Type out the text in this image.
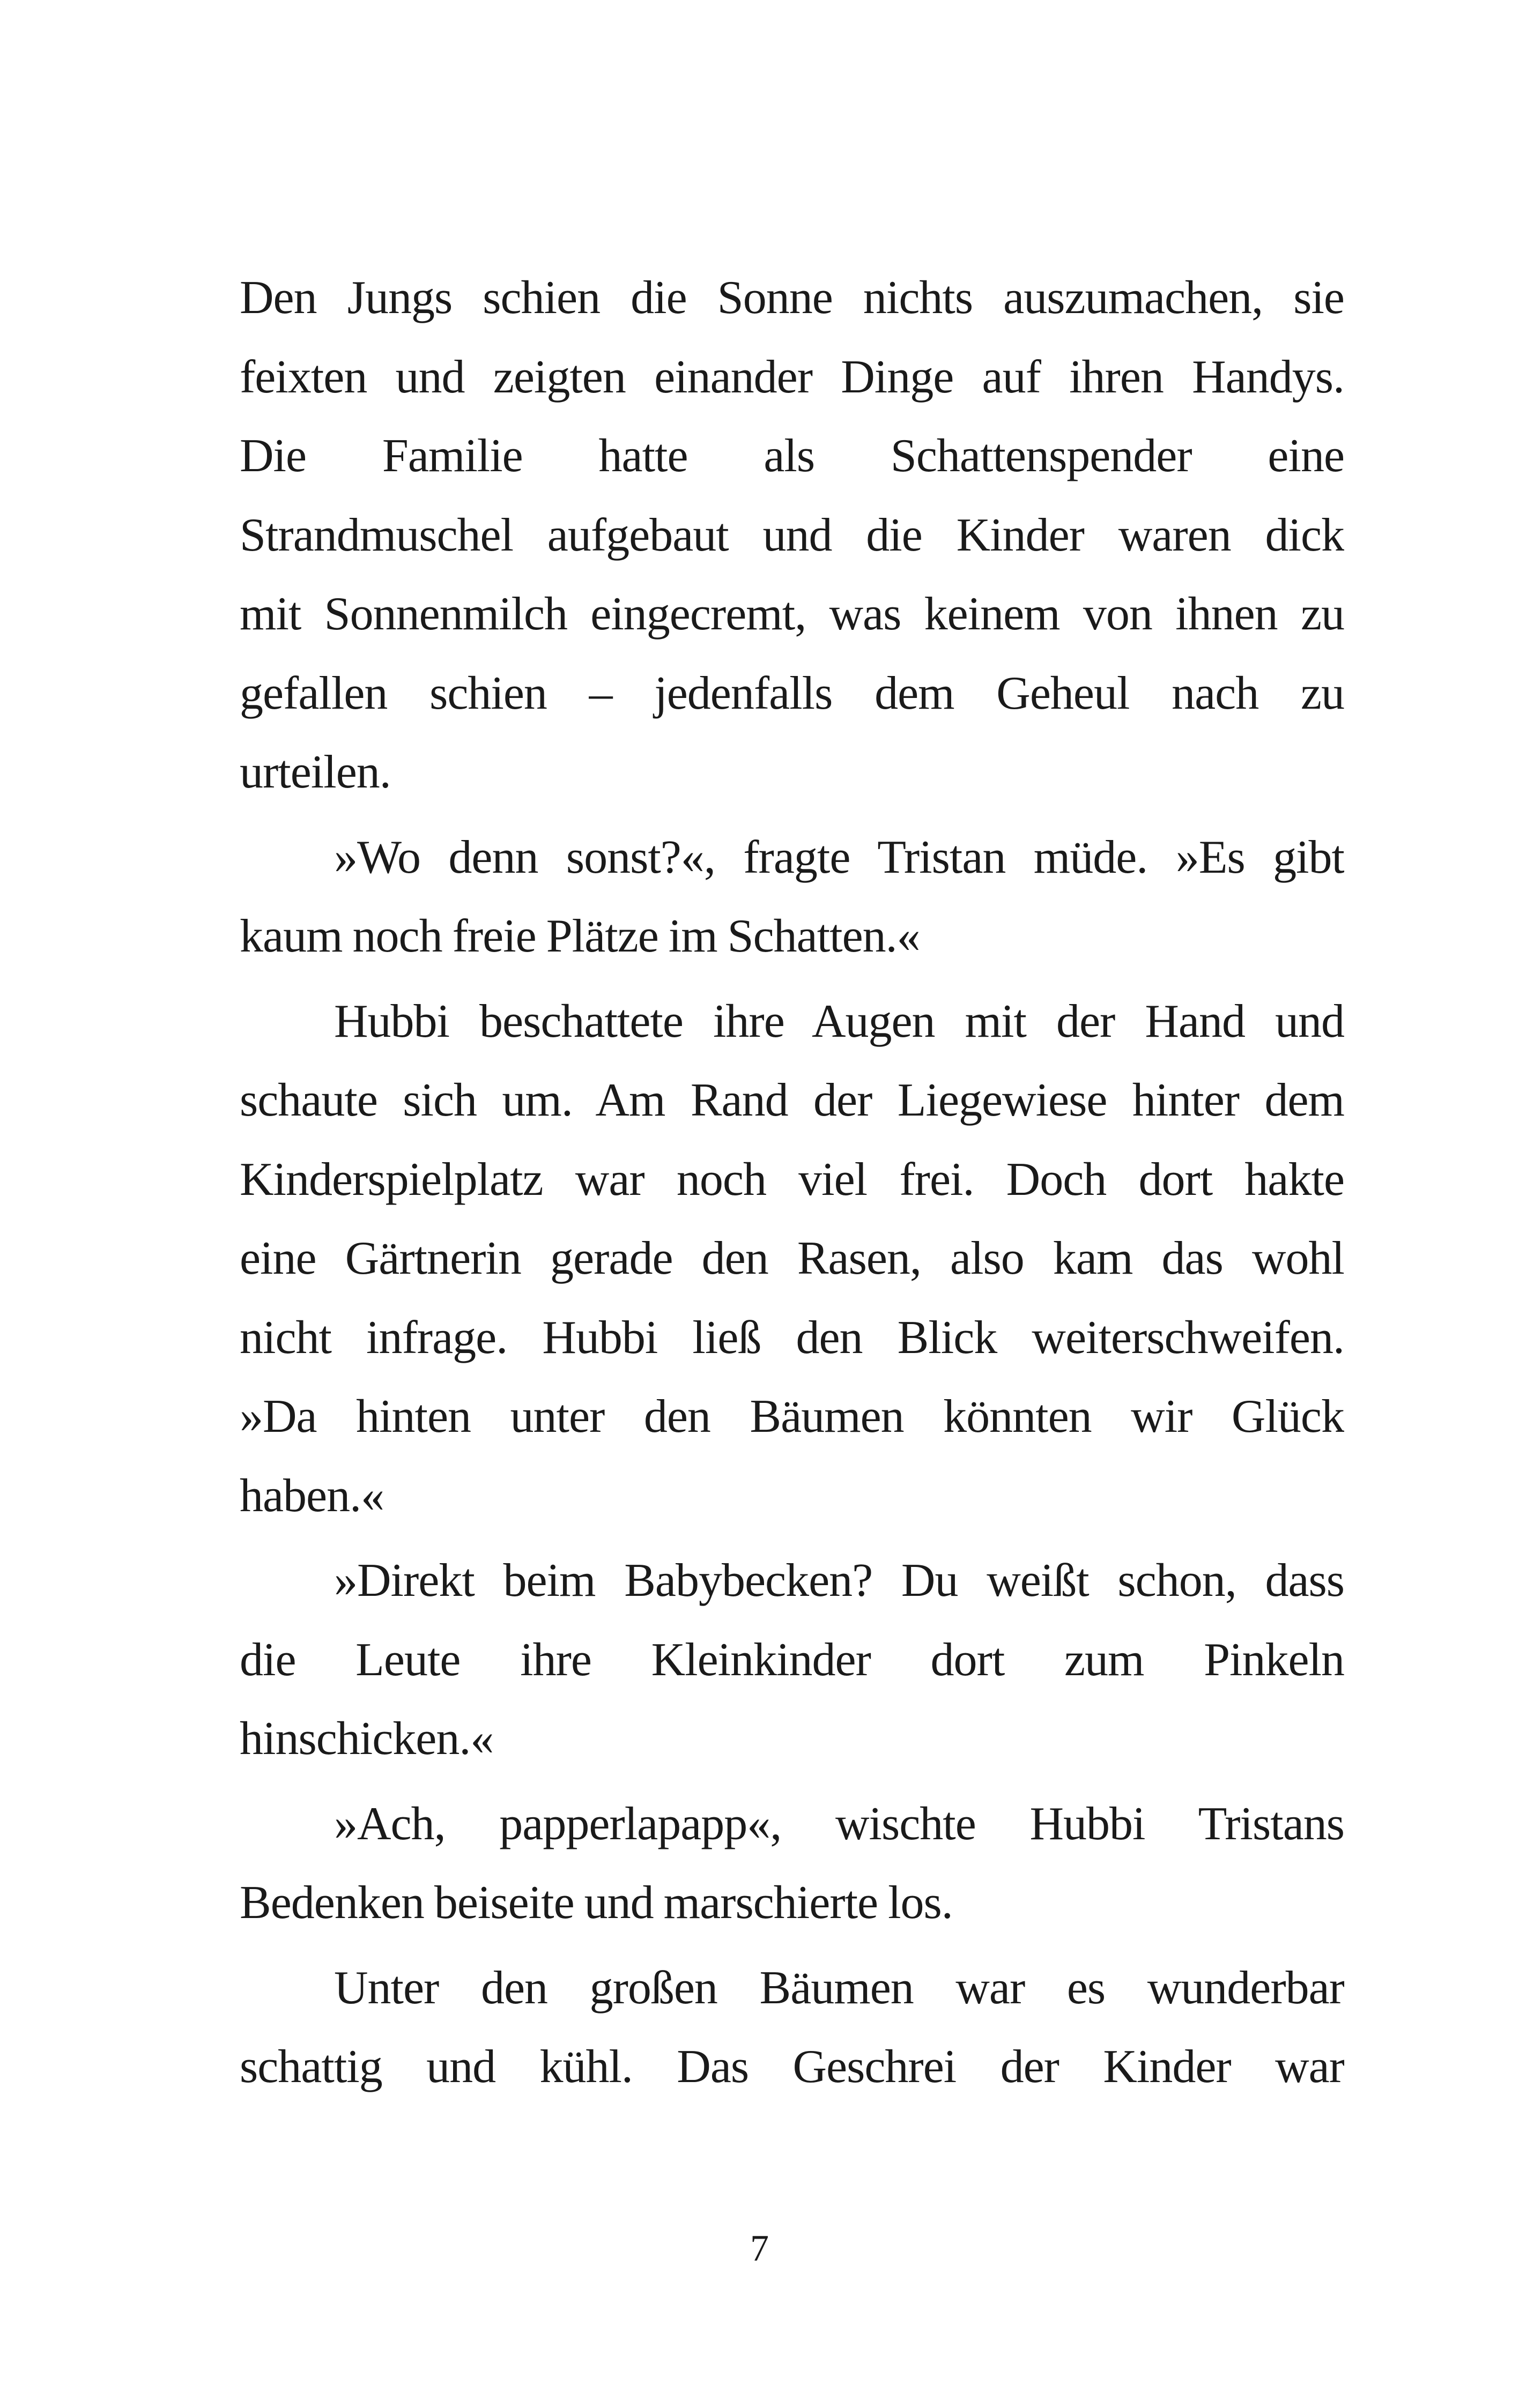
Den Jungs schien die Sonne nichts auszumachen, sie
feixten und zeigten einander Dinge auf ihren Handys.
Die Familie hatte als Schattenspender eine
Strandmuschel aufgebaut und die Kinder waren dick
mit Sonnenmilch eingecremt, was keinem von ihnen zu
gefallen schien – jedenfalls dem Geheul nach zu
urteilen.
»Wo denn sonst?«, fragte Tristan müde. »Es gibt
kaum noch freie Plätze im Schatten.«
Hubbi beschattete ihre Augen mit der Hand und
schaute sich um. Am Rand der Liegewiese hinter dem
Kinderspielplatz war noch viel frei. Doch dort hakte
eine Gärtnerin gerade den Rasen, also kam das wohl
nicht infrage. Hubbi ließ den Blick weiterschweifen.
»Da hinten unter den Bäumen könnten wir Glück
haben.«
»Direkt beim Babybecken? Du weißt schon, dass
die Leute ihre Kleinkinder dort zum Pinkeln
hinschicken.«
»Ach, papperlapapp«, wischte Hubbi Tristans
Bedenken beiseite und marschierte los.
Unter den großen Bäumen war es wunderbar
schattig und kühl. Das Geschrei der Kinder war
7
